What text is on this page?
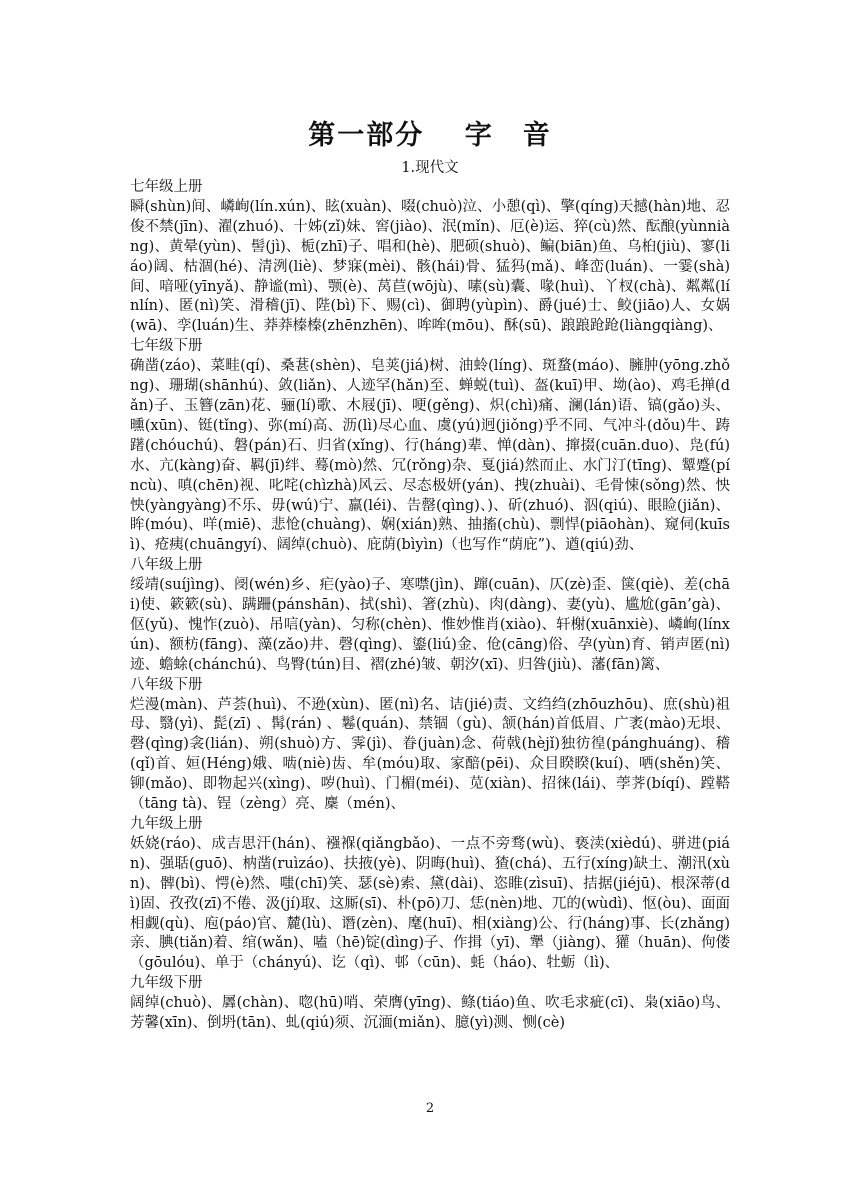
第一部分　 字　音
1.现代文

七年级上册

瞬(shùn)间、嶙峋(lín.xún)、眩(xuàn)、啜(chuò)泣、小憩(qì)、擎(qíng)天撼(hàn)地、忍俊不禁(jīn)、濯(zhuó)、十姊(zǐ)妹、窖(jiào)、泯(mǐn)、厄(è)运、猝(cù)然、酝酿(yùnniàng)、黄晕(yùn)、髻(jì)、栀(zhī)子、唱和(hè)、肥硕(shuò)、鳊(biān)鱼、乌桕(jiù)、寥(liáo)阔、枯涸(hé)、清洌(liè)、梦寐(mèi)、骸(hái)骨、猛犸(mǎ)、峰峦(luán)、一霎(shà)间、喑哑(yīnyǎ)、静谧(mì)、颚(è)、莴苣(wōjù)、嗉(sù)囊、喙(huì)、丫杈(chà)、粼粼(línlín)、匿(nì)笑、滑稽(jī)、陛(bì)下、赐(cì)、御聘(yùpìn)、爵(jué)士、鲛(jiāo)人、女娲(wā)、孪(luán)生、莽莽榛榛(zhēnzhēn)、哞哞(mōu)、酥(sū)、踉踉跄跄(liàngqiàng)、

七年级下册

确凿(záo)、菜畦(qí)、桑葚(shèn)、皂荚(jiá)树、油蛉(líng)、斑蝥(máo)、臃肿(yōng.zhǒng)、珊瑚(shānhú)、敛(liǎn)、人迹罕(hǎn)至、蝉蜕(tuì)、盔(kuī)甲、坳(ào)、鸡毛掸(dǎn)子、玉簪(zān)花、骊(lí)歌、木屐(jī)、哽(gěng)、炽(chì)痛、澜(lán)语、镐(gǎo)头、曛(xūn)、铤(tǐng)、弥(mí)高、沥(lì)尽心血、虞(yú)迥(jiǒng)乎不同、气冲斗(dǒu)牛、踌躇(chóuchú)、磐(pán)石、归省(xǐng)、行(háng)辈、惮(dàn)、撺掇(cuān.duo)、凫(fú)水、亢(kàng)奋、羁(jī)绊、蓦(mò)然、冗(rǒng)杂、戛(jiá)然而止、水门汀(tīng)、颦蹙(píncù)、嗔(chēn)视、叱咤(chìzhà)风云、尽态极妍(yán)、拽(zhuài)、毛骨悚(sǒng)然、怏怏(yàngyàng)不乐、毋(wú)宁、羸(léi)、告罄(qìng)、)、斫(zhuó)、泅(qiú)、眼睑(jiǎn)、眸(móu)、咩(miē)、悲怆(chuàng)、娴(xián)熟、抽搐(chù)、剽悍(piāohàn)、窥伺(kuīsì)、疮痍(chuāngyí)、阔绰(chuò)、庇荫(bìyìn)（也写作“荫庇”)、遒(qiú)劲、

八年级上册

绥靖(suíjìng)、阌(wén)乡、疟(yào)子、寒噤(jìn)、蹿(cuān)、仄(zè)歪、箧(qiè)、差(chāi)使、簌簌(sù)、蹒跚(pánshān)、拭(shì)、箸(zhù)、肉(dàng)、妻(yù)、尴尬(gān’gà)、伛(yǔ)、愧怍(zuò)、吊唁(yàn)、匀称(chèn)、惟妙惟肖(xiào)、轩榭(xuānxiè)、嶙峋(línxún)、额枋(fāng)、藻(zǎo)井、磬(qìng)、鎏(liú)金、伧(cāng)俗、孕(yùn)育、销声匿(nì)迹、蟾蜍(chánchú)、鸟臀(tún)目、褶(zhé)皱、朝汐(xī)、归咎(jiù)、藩(fān)篱、

八年级下册

烂漫(màn)、芦荟(huì)、不逊(xùn)、匿(nì)名、诘(jié)责、文绉绉(zhōuzhōu)、庶(shù)祖母、翳(yì)、髭(zī) 、髯(rán) 、鬈(quán)、禁锢（gù)、颔(hán)首低眉、广袤(mào)无垠、磬(qìng)衾(lián)、朔(shuò)方、霁(jì)、眷(juàn)念、荷戟(hèjǐ)独彷徨(pánghuáng)、稽(qǐ)首、姮(Héng)娥、啮(niè)齿、牟(móu)取、家醅(pēi)、众目睽睽(kuí)、哂(shěn)笑、铆(mǎo)、即物起兴(xìng)、哕(huì)、门楣(méi)、苋(xiàn)、招徕(lái)、荸荠(bíqí)、蹚鞳（tāng tà)、锃（zèng）亮、麇（mén)、

九年级上册

妖娆(ráo)、成吉思汗(hán)、襁褓(qiǎngbǎo)、一点不旁骛(wù)、亵渎(xièdú)、骈进(pián)、强聒(guō)、枘凿(ruìzáo)、扶掖(yè)、阴晦(huì)、猹(chá)、五行(xíng)缺土、潮汛(xùn)、髀(bì)、愕(è)然、嗤(chī)笑、瑟(sè)索、黛(dài)、恣睢(zìsuī)、拮据(jiéjū)、根深蒂(dì)固、孜孜(zī)不倦、汲(jí)取、这厮(sī)、朴(pō)刀、恁(nèn)地、兀的(wùdì)、怄(òu)、面面相觑(qù)、庖(páo)官、麓(lù)、谮(zèn)、麾(huī)、相(xiàng)公、行(háng)事、长(zhǎng)亲、腆(tiǎn)着、绾(wǎn)、嗑（hē)锭(dìng)子、作揖（yī)、犟（jiàng)、獾（huān)、佝偻（gōulóu)、单于（chányú)、讫（qì)、邨（cūn)、蚝（háo)、牡蛎（lì)、

九年级下册

阔绰(chuò)、羼(chàn)、唿(hū)哨、荣膺(yīng)、鲦(tiáo)鱼、吹毛求疵(cī)、枭(xiāo)鸟、芳馨(xīn)、倒坍(tān)、虬(qiú)须、沉湎(miǎn)、臆(yì)测、恻(cè)

2
